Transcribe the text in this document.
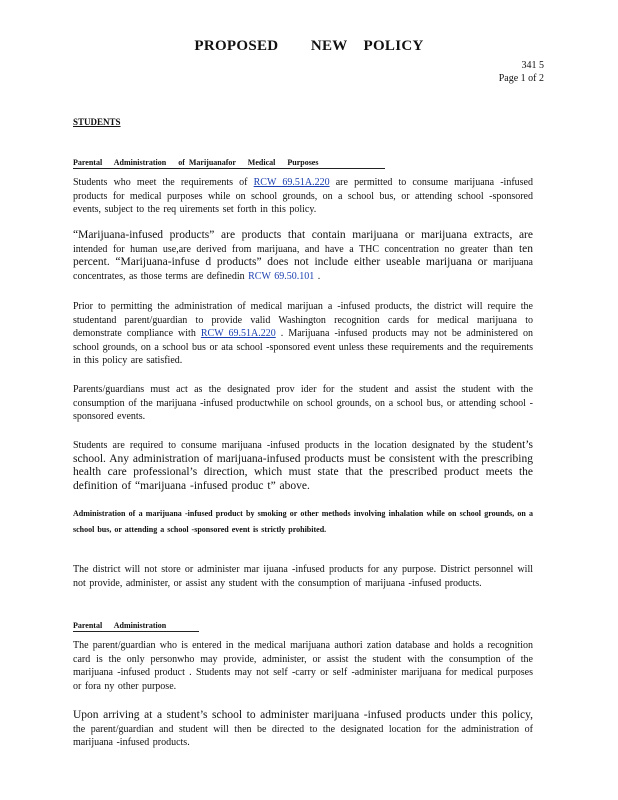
PROPOSED        NEW    POLICY
341 5
Page 1 of 2
STUDENTS
Parental      Administration      of  Marijuanafor      Medical      Purposes
Students who meet the requirements of RCW 69.51A.220 are permitted to consume marijuana -infused products for medical purposes while on school grounds, on a school bus, or attending school -sponsored events, subject to the req uirements set forth in this policy.
“Marijuana-infused products” are products that contain marijuana or marijuana extracts, are intended for human use,are derived from marijuana, and have a THC concentration no greater than ten percent. “Marijuana-infuse d products” does not include either useable marijuana or marijuana concentrates, as those terms are definedin RCW 69.50.101 .
Prior to permitting the administration of medical marijuan a -infused products, the district will require the studentand parent/guardian to provide valid Washington recognition cards for medical marijuana to demonstrate compliance with RCW 69.51A.220 . Marijuana -infused products may not be administered on school grounds, on a school bus or ata school -sponsored event unless these requirements and the requirements in this policy are satisfied.
Parents/guardians must act as the designated prov ider for the student and assist the student with the consumption of the marijuana -infused productwhile on school grounds, on a school bus, or attending school -sponsored events.
Students are required to consume marijuana -infused products in the location designated by the student’s school. Any administration of marijuana-infused products must be consistent with the prescribing health care professional’s direction, which must state that the prescribed product meets the definition of “marijuana -infused produc t” above.
Administration of a marijuana -infused product by smoking or other methods involving inhalation while on school grounds, on a school bus, or attending a school -sponsored event is strictly prohibited.
The district will not store or administer mar ijuana -infused products for any purpose. District personnel will not provide, administer, or assist any student with the consumption of marijuana -infused products.
Parental      Administration
The parent/guardian who is entered in the medical marijuana authori zation database and holds a recognition card is the only personwho may provide, administer, or assist the student with the consumption of the marijuana -infused product . Students may not self -carry or self -administer marijuana for medical purposes or fora ny other purpose.
Upon arriving at a student’s school to administer marijuana -infused products under this policy, the parent/guardian and student will then be directed to the designated location for the administration of marijuana -infused products.
